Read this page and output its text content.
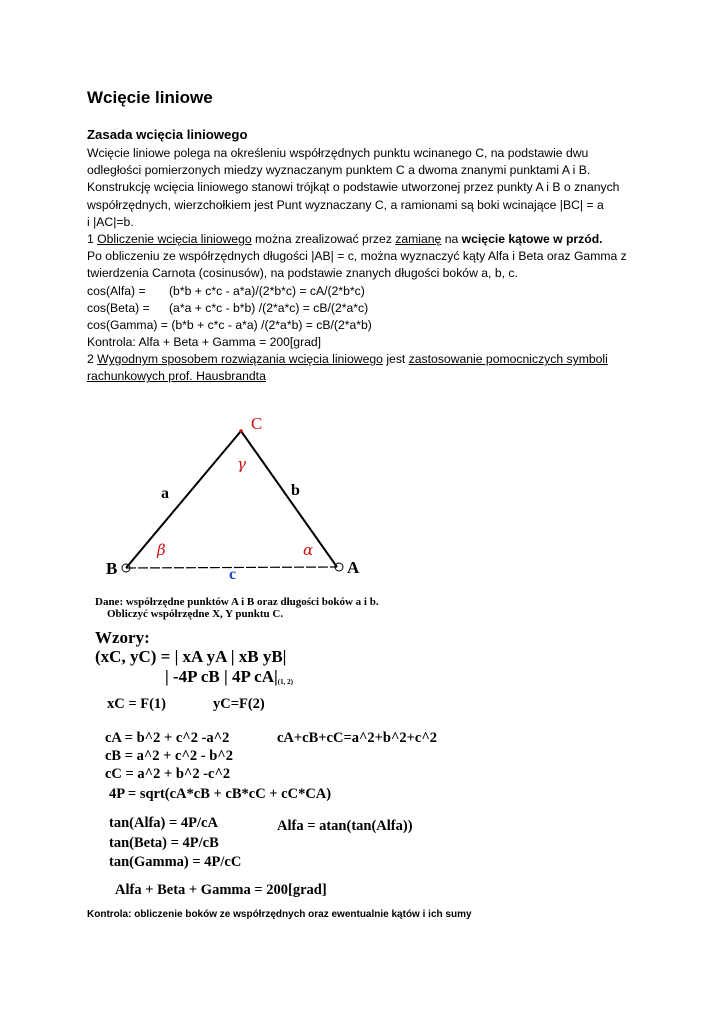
Wcięcie liniowe
Zasada wcięcia liniowego
Wcięcie liniowe polega na określeniu współrzędnych punktu wcinanego C, na podstawie dwu
odległości pomierzonych miedzy wyznaczanym punktem C a dwoma znanymi punktami A i B.
Konstrukcję wcięcia liniowego stanowi trójkąt o podstawie utworzonej przez punkty A i B o znanych
współrzędnych, wierzchołkiem jest Punt wyznaczany C, a ramionami są boki wcinające |BC| = a
i |AC|=b.
1 Obliczenie wcięcia liniowego można zrealizować przez zamianę na wcięcie kątowe w przód.
Po obliczeniu ze współrzędnych długości |AB| = c, można wyznaczyć kąty Alfa i Beta oraz Gamma z
twierdzenia Carnota (cosinusów), na podstawie znanych długości boków a, b, c.
cos(Alfa) = (b*b + c*c - a*a)/(2*b*c) = cA/(2*b*c)
cos(Beta) = (a*a + c*c - b*b) /(2*a*c) = cB/(2*a*c)
cos(Gamma) = (b*b + c*c - a*a) /(2*a*b) = cB/(2*a*b)
Kontrola: Alfa + Beta + Gamma = 200[grad]
2 Wygodnym sposobem rozwiązania wcięcia liniowego jest zastosowanie pomocniczych symboli
rachunkowych prof. Hausbrandta
C
A
B
a	b
c
γ
β	α
Dane: współrzędne punktów A i B oraz długości boków a i b.
Obliczyć współrzędne X, Y punktu C.
Wzory:
(xC, yC) = | xA yA | xB yB|
| -4P cB | 4P $cA|_{(1, 2)}$
xC = F(1)	yC=F(2)
cA = b^2 + c^2 -a^2	cA+cB+cC=a^2+b^2+c^2
cB = a^2 + c^2 - b^2
cC = a^2 + b^2 -c^2
4P = sqrt(cA*cB + cB*cC + cC*CA)
tan(Alfa) = 4P/cA	Alfa = atan(tan(Alfa))
tan(Beta) = 4P/cB
tan(Gamma) = 4P/cC
Alfa + Beta + Gamma = 200[grad]
Kontrola: obliczenie boków ze współrzędnych oraz ewentualnie kątów i ich sumy
